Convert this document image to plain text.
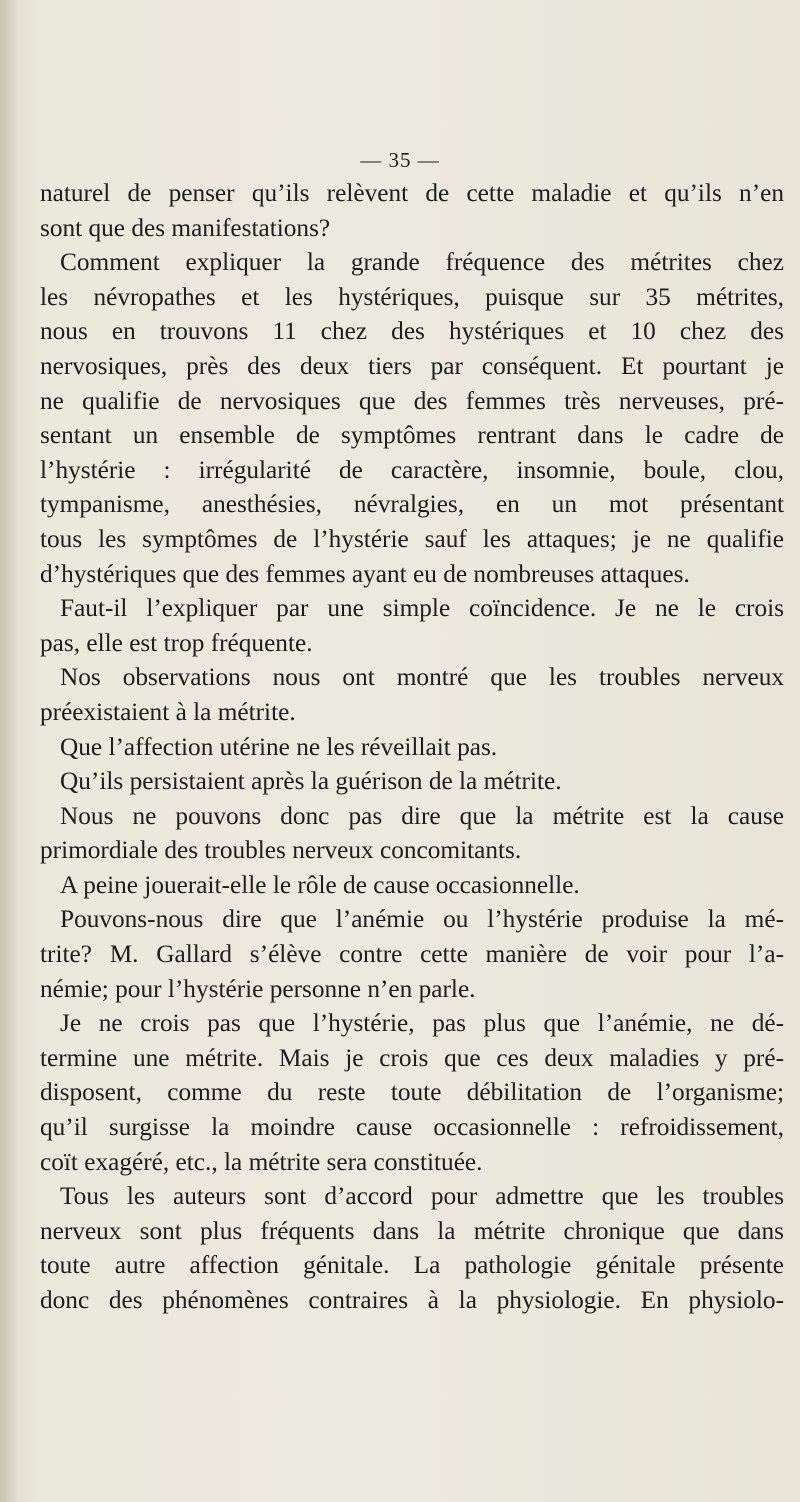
— 35 —
naturel de penser qu’ils relèvent de cette maladie et qu’ils n’en
sont que des manifestations?
Comment expliquer la grande fréquence des métrites chez
les névropathes et les hystériques, puisque sur 35 métrites,
nous en trouvons 11 chez des hystériques et 10 chez des
nervosiques, près des deux tiers par conséquent. Et pourtant je
ne qualifie de nervosiques que des femmes très nerveuses, pré-
sentant un ensemble de symptômes rentrant dans le cadre de
l’hystérie : irrégularité de caractère, insomnie, boule, clou,
tympanisme, anesthésies, névralgies, en un mot présentant
tous les symptômes de l’hystérie sauf les attaques; je ne qualifie
d’hystériques que des femmes ayant eu de nombreuses attaques.
Faut-il l’expliquer par une simple coïncidence. Je ne le crois
pas, elle est trop fréquente.
Nos observations nous ont montré que les troubles nerveux
préexistaient à la métrite.
Que l’affection utérine ne les réveillait pas.
Qu’ils persistaient après la guérison de la métrite.
Nous ne pouvons donc pas dire que la métrite est la cause
primordiale des troubles nerveux concomitants.
A peine jouerait-elle le rôle de cause occasionnelle.
Pouvons-nous dire que l’anémie ou l’hystérie produise la mé-
trite? M. Gallard s’élève contre cette manière de voir pour l’a-
némie; pour l’hystérie personne n’en parle.
Je ne crois pas que l’hystérie, pas plus que l’anémie, ne dé-
termine une métrite. Mais je crois que ces deux maladies y pré-
disposent, comme du reste toute débilitation de l’organisme;
qu’il surgisse la moindre cause occasionnelle : refroidissement,
coït exagéré, etc., la métrite sera constituée.
Tous les auteurs sont d’accord pour admettre que les troubles
nerveux sont plus fréquents dans la métrite chronique que dans
toute autre affection génitale. La pathologie génitale présente
donc des phénomènes contraires à la physiologie. En physiolo-
